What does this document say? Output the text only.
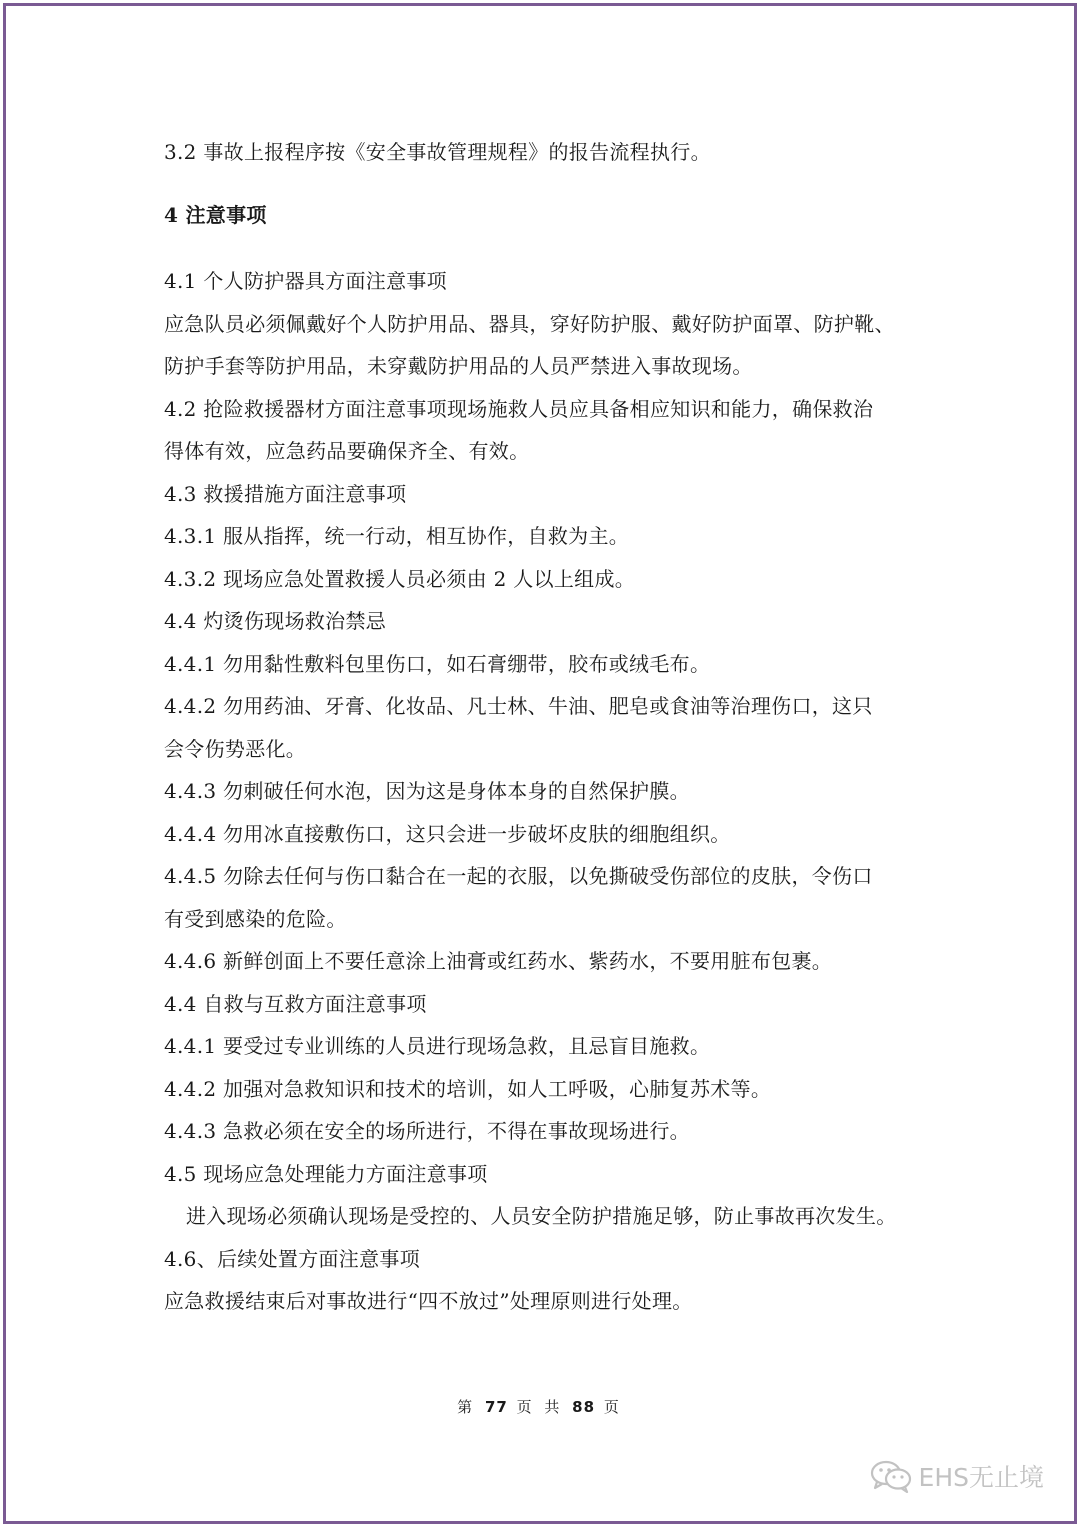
3.2 事故上报程序按《安全事故管理规程》的报告流程执行。
4 注意事项
4.1 个人防护器具方面注意事项
应急队员必须佩戴好个人防护用品、器具，穿好防护服、戴好防护面罩、防护靴、
防护手套等防护用品，未穿戴防护用品的人员严禁进入事故现场。
4.2 抢险救援器材方面注意事项现场施救人员应具备相应知识和能力，确保救治
得体有效，应急药品要确保齐全、有效。
4.3 救援措施方面注意事项
4.3.1 服从指挥，统一行动，相互协作，自救为主。
4.3.2 现场应急处置救援人员必须由 2 人以上组成。
4.4 灼烫伤现场救治禁忌
4.4.1 勿用黏性敷料包里伤口，如石膏绷带，胶布或绒毛布。
4.4.2 勿用药油、牙膏、化妆品、凡士林、牛油、肥皂或食油等治理伤口，这只
会令伤势恶化。
4.4.3 勿刺破任何水泡，因为这是身体本身的自然保护膜。
4.4.4 勿用冰直接敷伤口，这只会进一步破坏皮肤的细胞组织。
4.4.5 勿除去任何与伤口黏合在一起的衣服，以免撕破受伤部位的皮肤，令伤口
有受到感染的危险。
4.4.6 新鲜创面上不要任意涂上油膏或红药水、紫药水，不要用脏布包裹。
4.4 自救与互救方面注意事项
4.4.1 要受过专业训练的人员进行现场急救，且忌盲目施救。
4.4.2 加强对急救知识和技术的培训，如人工呼吸，心肺复苏术等。
4.4.3 急救必须在安全的场所进行，不得在事故现场进行。
4.5 现场应急处理能力方面注意事项
进入现场必须确认现场是受控的、人员安全防护措施足够，防止事故再次发生。
4.6、后续处置方面注意事项
应急救援结束后对事故进行“四不放过”处理原则进行处理。
第 77 页 共 88 页
EHS无止境
